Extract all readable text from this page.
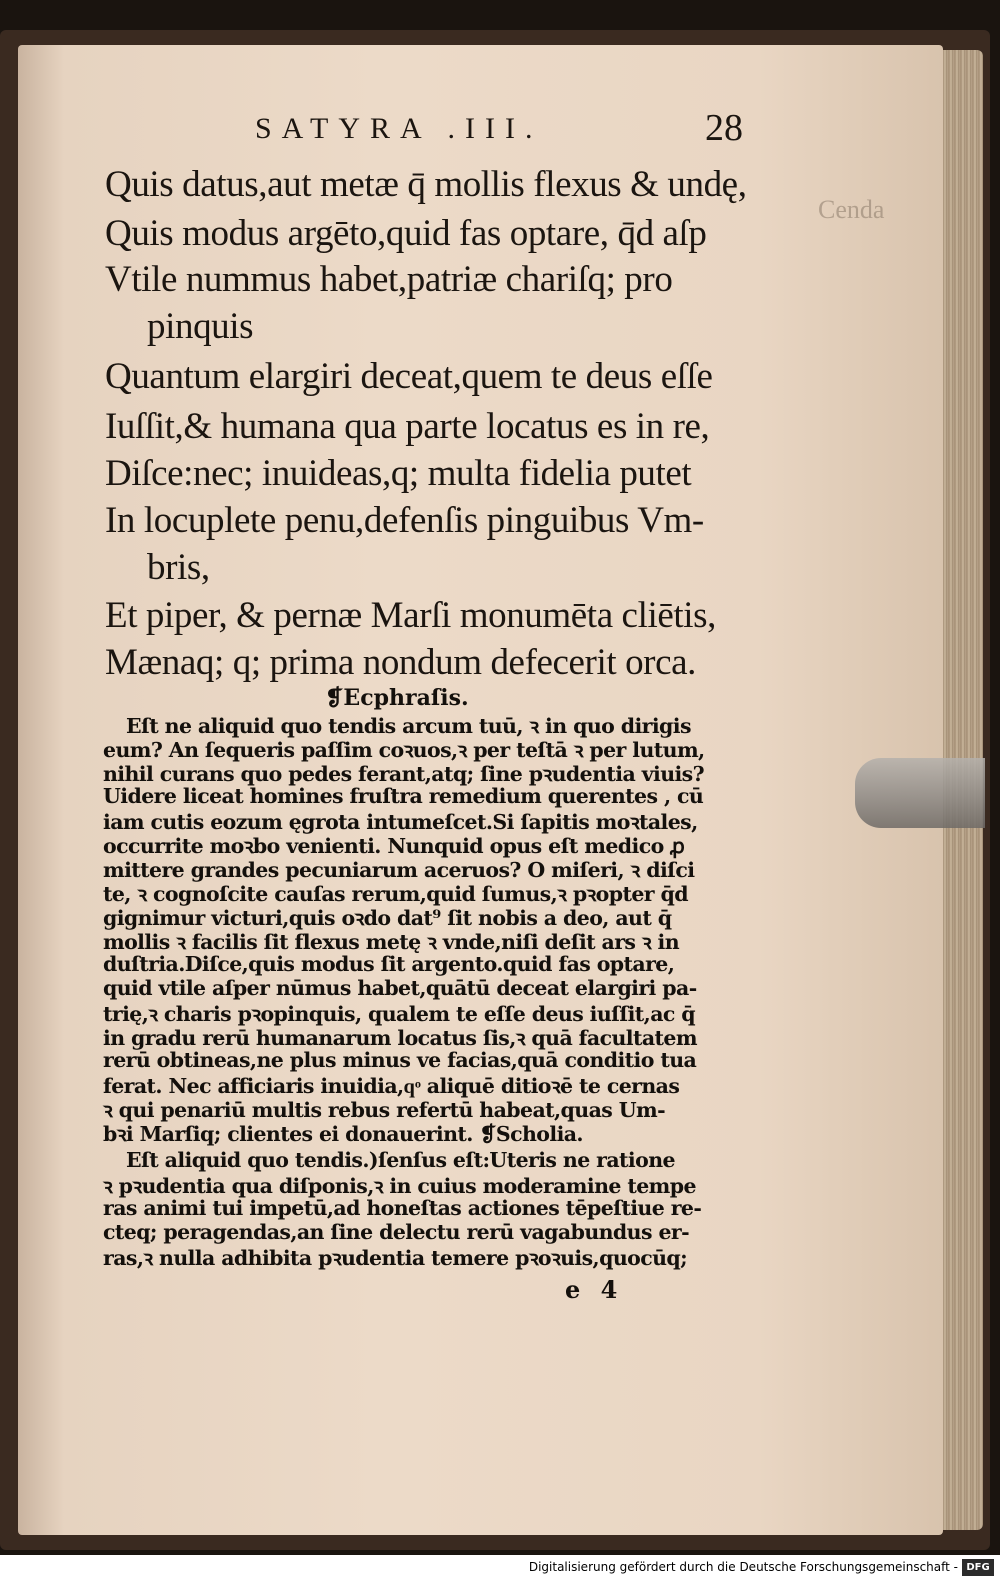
Cenda
SATYRA .III.	28
Quis datus,aut metæ q̄ mollis flexus & undę,
Quis modus argēto,quid fas optare, q̄d aſp
Vtile nummus habet,patriæ chariſq; pro
pinquis
Quantum elargiri deceat,quem te deus eſſe
Iuſſit,& humana qua parte locatus es in re,
Diſce:nec; inuideas,q; multa fidelia putet
In locuplete penu,defenſis pinguibus Vm-
bris,
Et piper, & pernæ Marſi monumēta cliētis,
Mænaq; q; prima nondum defecerit orca.
❡Ecphraſis.
Eſt ne aliquid quo tendis arcum tuū, ꝛ in quo dirigis
eum? An ſequeris paſſim coꝛuos,ꝛ per teſtā ꝛ per lutum,
nihil curans quo pedes ferant,atq; ſine pꝛudentia viuis?
Uidere liceat homines fruſtra remedium querentes , cū
iam cutis eozum ęgrota intumeſcet.Si ſapitis moꝛtales,
occurrite moꝛbo venienti. Nunquid opus eſt medico ꝓ
mittere grandes pecuniarum aceruos? O miſeri, ꝛ diſci
te, ꝛ cognoſcite cauſas rerum,quid ſumus,ꝛ pꝛopter q̄d
gignimur victuri,quis oꝛdo dat⁹ ſit nobis a deo, aut q̄
mollis ꝛ facilis ſit flexus metę ꝛ vnde,niſi deſit ars ꝛ in
duſtria.Diſce,quis modus ſit argento.quid fas optare,
quid vtile aſper nūmus habet,quātū deceat elargiri pa-
trię,ꝛ charis pꝛopinquis, qualem te eſſe deus iuſſit,ac q̄
in gradu rerū humanarum locatus ſis,ꝛ quā facultatem
rerū obtineas,ne plus minus ve facias,quā conditio tua
ferat. Nec afficiaris inuidia,qͦ aliquē ditioꝛē te cernas
ꝛ qui penariū multis rebus refertū habeat,quas Um-
bꝛi Marſiq; clientes ei donauerint. ❡Scholia.
Eſt aliquid quo tendis.)ſenſus eſt:Uteris ne ratione
ꝛ pꝛudentia qua diſponis,ꝛ in cuius moderamine tempe
ras animi tui impetū,ad honeſtas actiones tēpeſtiue re-
cteq; peragendas,an ſine delectu rerū vagabundus er-
ras,ꝛ nulla adhibita pꝛudentia temere pꝛoꝛuis,quocūq;
e 4
Digitalisierung gefördert durch die Deutsche Forschungsgemeinschaft - DFG
